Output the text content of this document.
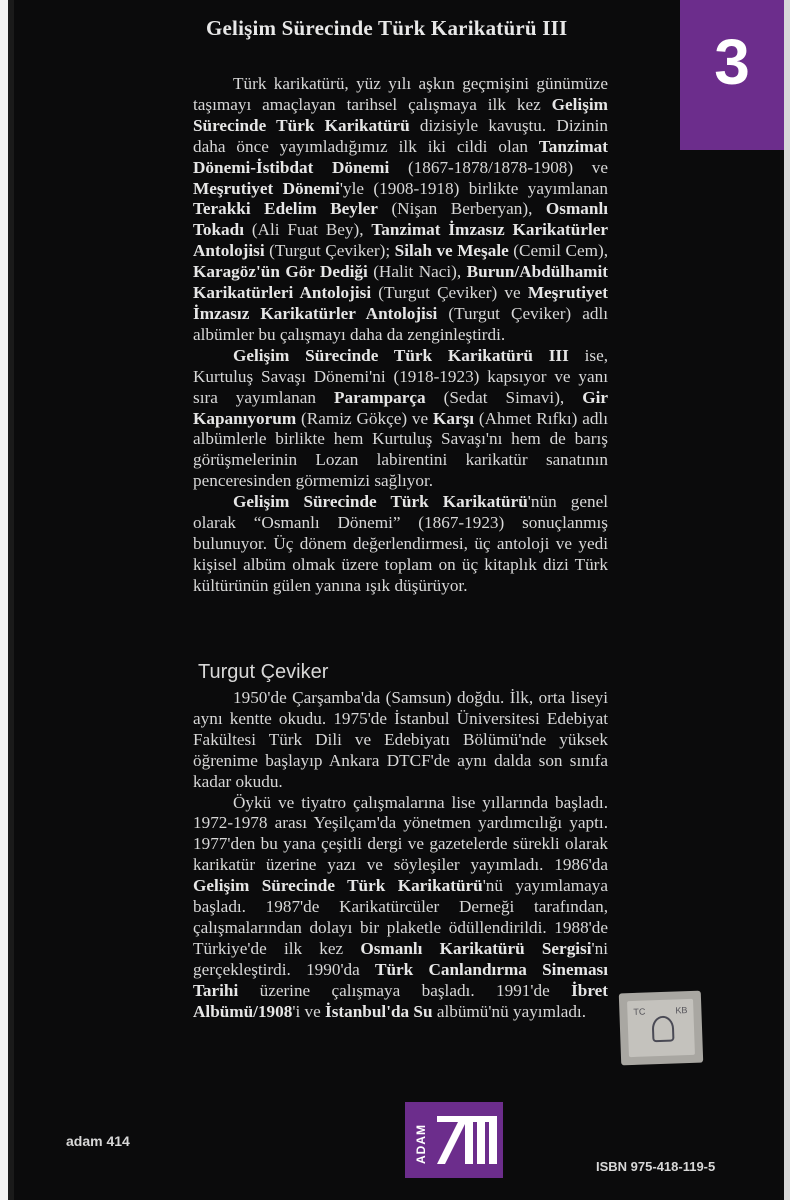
3
Gelişim Sürecinde Türk Karikatürü III

Türk karikatürü, yüz yılı aşkın geçmişini günümüze taşımayı amaçlayan tarihsel çalışmaya ilk kez Gelişim Sürecinde Türk Karikatürü dizisiyle kavuştu. Dizinin daha önce yayımladığımız ilk iki cildi olan Tanzimat Dönemi-İstibdat Dönemi (1867-1878/1878-1908) ve Meşrutiyet Dönemi'yle (1908-1918) birlikte yayımlanan Terakki Edelim Beyler (Nişan Berberyan), Osmanlı Tokadı (Ali Fuat Bey), Tanzimat İmzasız Karikatürler Antolojisi (Turgut Çeviker); Silah ve Meşale (Cemil Cem), Karagöz'ün Gör Dediği (Halit Naci), Burun/Abdülhamit Karikatürleri Antolojisi (Turgut Çeviker) ve Meşrutiyet İmzasız Karikatürler Antolojisi (Turgut Çeviker) adlı albümler bu çalışmayı daha da zenginleştirdi.

Gelişim Sürecinde Türk Karikatürü III ise, Kurtuluş Savaşı Dönemi'ni (1918-1923) kapsıyor ve yanı sıra yayımlanan Paramparça (Sedat Simavi), Gir Kapanıyorum (Ramiz Gökçe) ve Karşı (Ahmet Rıfkı) adlı albümlerle birlikte hem Kurtuluş Savaşı'nı hem de barış görüşmelerinin Lozan labirentini karikatür sanatının penceresinden görmemizi sağlıyor.

Gelişim Sürecinde Türk Karikatürü'nün genel olarak “Osmanlı Dönemi” (1867-1923) sonuçlanmış bulunuyor. Üç dönem değerlendirmesi, üç antoloji ve yedi kişisel albüm olmak üzere toplam on üç kitaplık dizi Türk kültürünün gülen yanına ışık düşürüyor.

Turgut Çeviker

1950'de Çarşamba'da (Samsun) doğdu. İlk, orta liseyi aynı kentte okudu. 1975'de İstanbul Üniversitesi Edebiyat Fakültesi Türk Dili ve Edebiyatı Bölümü'nde yüksek öğrenime başlayıp Ankara DTCF'de aynı dalda son sınıfa kadar okudu.

Öykü ve tiyatro çalışmalarına lise yıllarında başladı. 1972-1978 arası Yeşilçam'da yönetmen yardımcılığı yaptı. 1977'den bu yana çeşitli dergi ve gazetelerde sürekli olarak karikatür üzerine yazı ve söyleşiler yayımladı. 1986'da Gelişim Sürecinde Türk Karikatürü'nü yayımlamaya başladı. 1987'de Karikatürcüler Derneği tarafından, çalışmalarından dolayı bir plaketle ödüllendirildi. 1988'de Türkiye'de ilk kez Osmanlı Karikatürü Sergisi'ni gerçekleştirdi. 1990'da Türk Canlandırma Sineması Tarihi üzerine çalışmaya başladı. 1991'de İbret Albümü/1908'i ve İstanbul'da Su albümü'nü yayımladı.	TC	KB
adam 414	ADAM
ISBN 975-418-119-5
